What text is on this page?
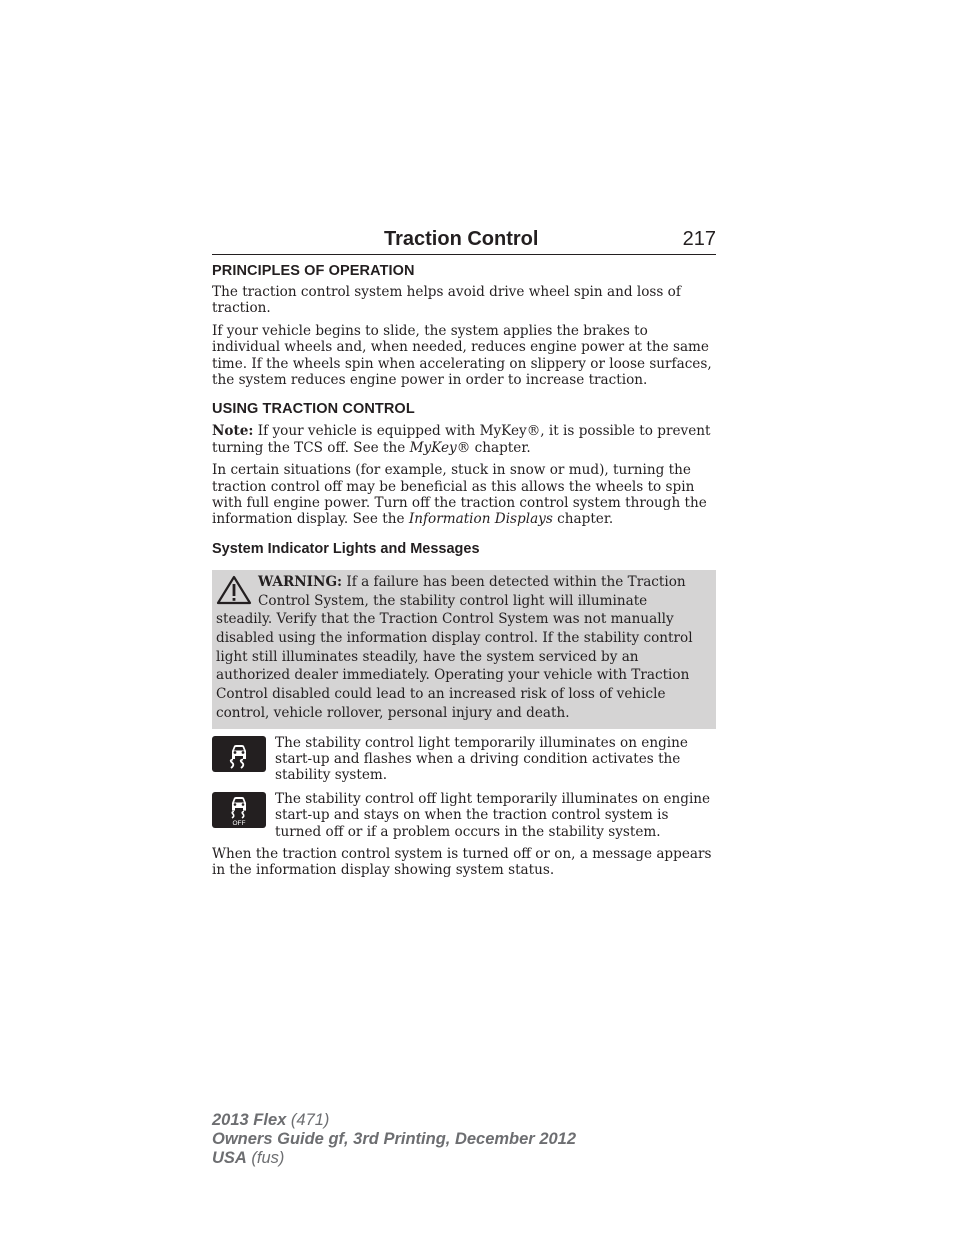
Traction Control	217
PRINCIPLES OF OPERATION

The traction control system helps avoid drive wheel spin and loss of traction.

If your vehicle begins to slide, the system applies the brakes to individual wheels and, when needed, reduces engine power at the same time. If the wheels spin when accelerating on slippery or loose surfaces, the system reduces engine power in order to increase traction.

USING TRACTION CONTROL

Note: If your vehicle is equipped with MyKey®, it is possible to prevent turning the TCS off. See the MyKey® chapter.

In certain situations (for example, stuck in snow or mud), turning the traction control off may be beneficial as this allows the wheels to spin with full engine power. Turn off the traction control system through the information display. See the Information Displays chapter.

System Indicator Lights and Messages
WARNING: If a failure has been detected within the Traction Control System, the stability control light will illuminate steadily. Verify that the Traction Control System was not manually disabled using the information display control. If the stability control light still illuminates steadily, have the system serviced by an authorized dealer immediately. Operating your vehicle with Traction Control disabled could lead to an increased risk of loss of vehicle control, vehicle rollover, personal injury and death.
The stability control light temporarily illuminates on engine start-up and flashes when a driving condition activates the stability system.
OFF
The stability control off light temporarily illuminates on engine start-up and stays on when the traction control system is turned off or if a problem occurs in the stability system.

When the traction control system is turned off or on, a message appears in the information display showing system status.

2013 Flex (471)
Owners Guide gf, 3rd Printing, December 2012
USA (fus)
